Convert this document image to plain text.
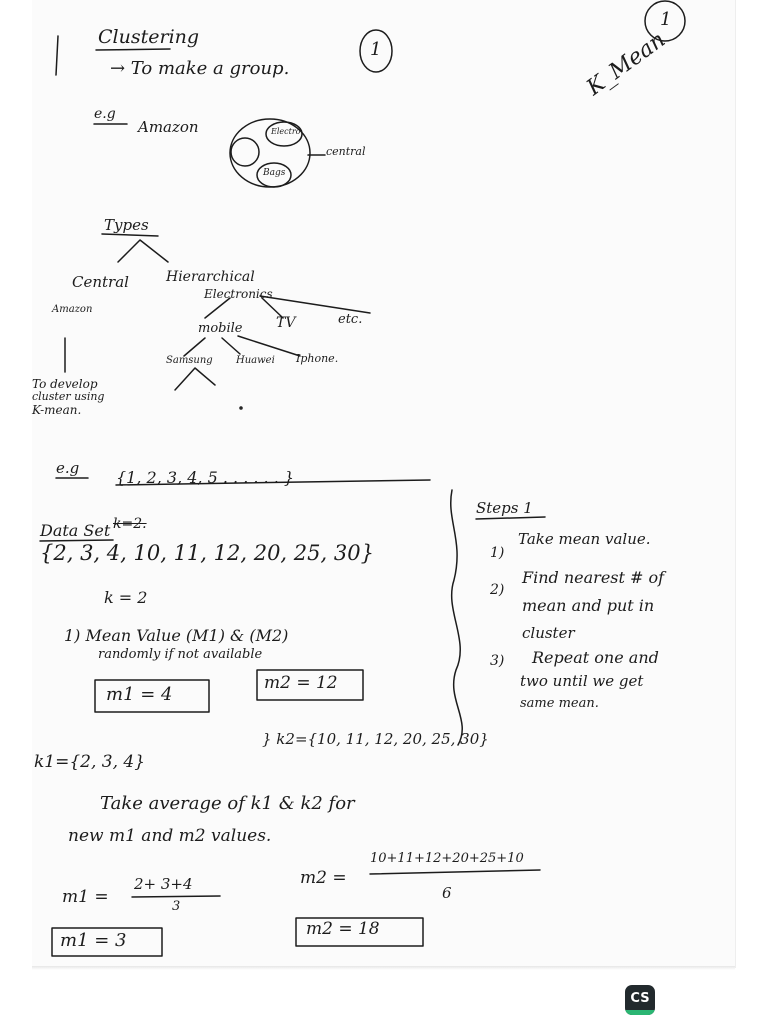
Clustering
→ To make a group.
1
1
K_Mean
e.g
Amazon	Electro
Bags
central
Types
Central	Hierarchical
Amazon
To develop
cluster using
K-mean.
Electronics
mobile TV	etc.
Samsung Huawei Iphone.
e.g {1, 2, 3, 4, 5 . . . . . . }
Data Set k=2.
{2, 3, 4, 10, 11, 12, 20, 25, 30}
k = 2
1) Mean Value (M1) & (M2)
randomly if not available
m1 = 4
m2 = 12
Steps 1
1)
Take mean value.
2)
Find nearest # of
mean and put in
cluster
3) Repeat one and
two until we get
same mean.
k1={2, 3, 4}
} k2={10, 11, 12, 20, 25, 30}
Take average of k1 & k2 for
new m1 and m2 values.
m1 =
2+ 3+4
3
m2 =
10+11+12+20+25+10
6
m1 = 3
m2 = 18
CS
